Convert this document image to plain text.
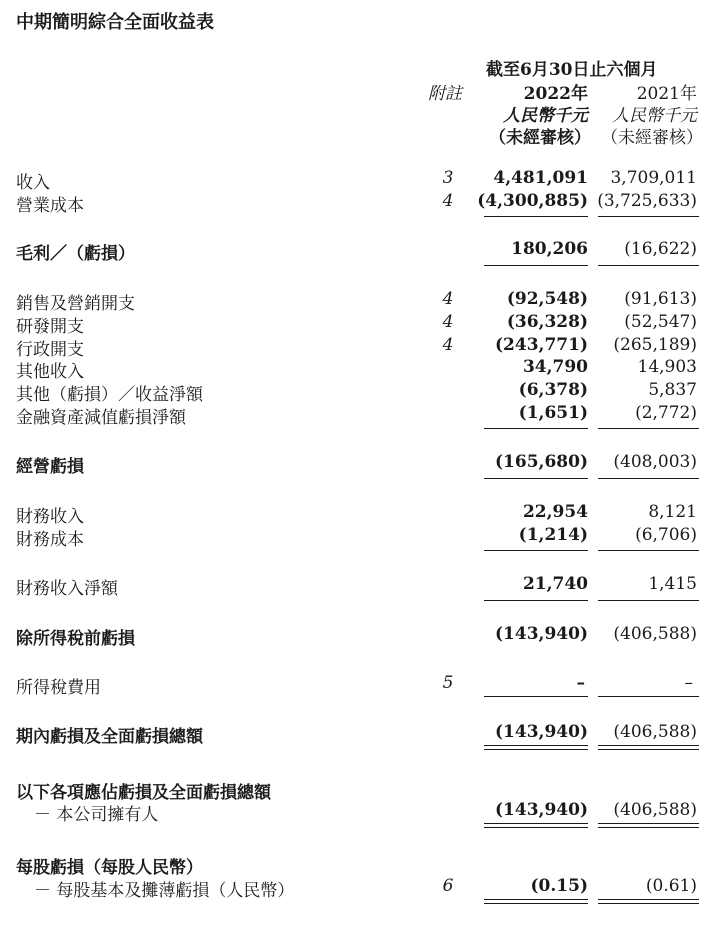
中期簡明綜合全面收益表
截至6月30日止六個月
附註	2022年	2021年
人民幣千元 人民幣千元
（未經審核） （未經審核）
收入	3	4,481,091 3,709,011
營業成本	4	(4,300,885) (3,725,633)
毛利／（虧損）	180,206 (16,622)
銷售及營銷開支	4	(92,548) (91,613)
研發開支	4	(36,328) (52,547)
行政開支	4	(243,771) (265,189)
其他收入	34,790	14,903
其他（虧損）／收益淨額	(6,378)	5,837
金融資產減值虧損淨額	(1,651)	(2,772)
經營虧損	(165,680) (408,003)
財務收入	22,954	8,121
財務成本	(1,214)	(6,706)
財務收入淨額	21,740	1,415
除所得稅前虧損	(143,940) (406,588)
所得稅費用	5	–	–
期內虧損及全面虧損總額	(143,940) (406,588)
以下各項應佔虧損及全面虧損總額
－ 本公司擁有人	(143,940) (406,588)
每股虧損（每股人民幣）
－ 每股基本及攤薄虧損（人民幣）	6	(0.15)	(0.61)
